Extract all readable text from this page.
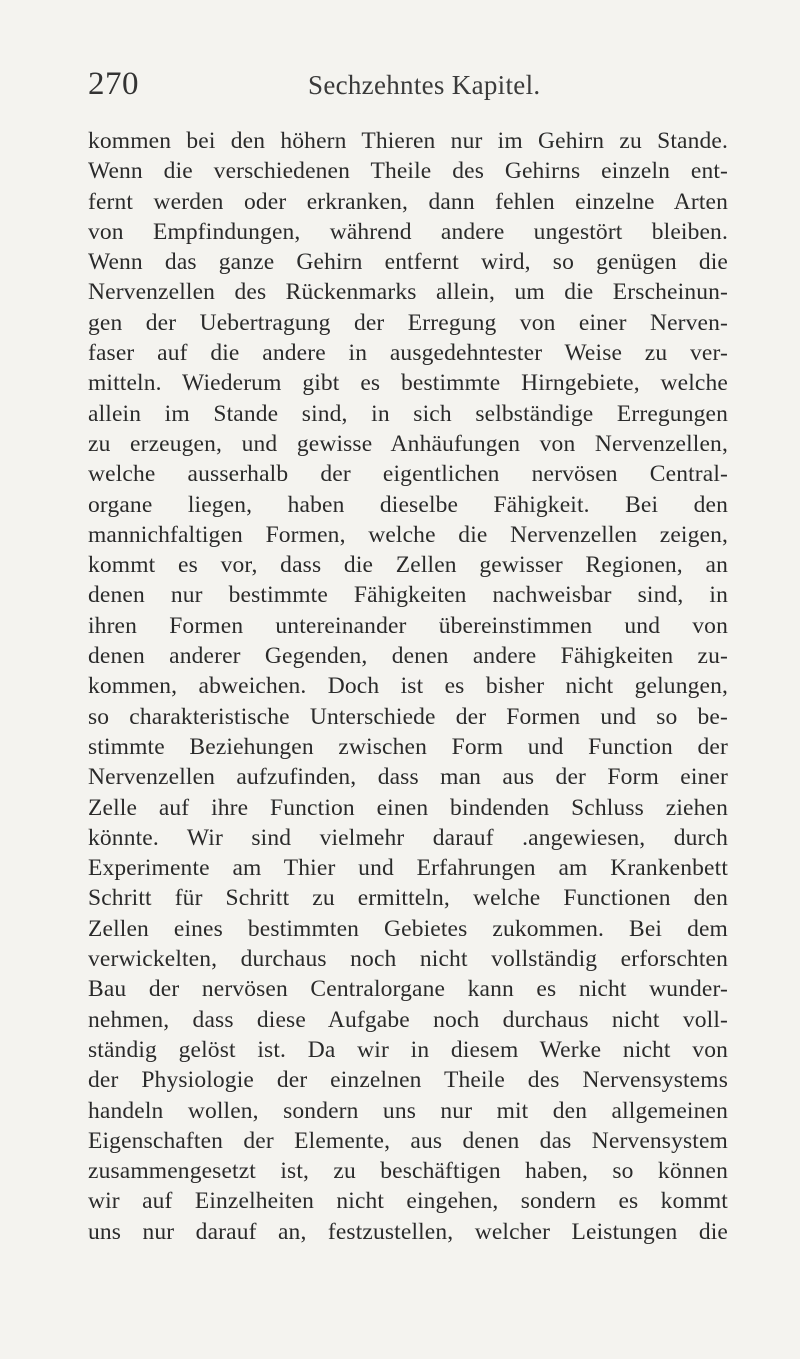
270	Sechzehntes Kapitel.
kommen bei den höhern Thieren nur im Gehirn zu Stande.
Wenn die verschiedenen Theile des Gehirns einzeln ent-
fernt werden oder erkranken, dann fehlen einzelne Arten
von Empfindungen, während andere ungestört bleiben.
Wenn das ganze Gehirn entfernt wird, so genügen die
Nervenzellen des Rückenmarks allein, um die Erscheinun-
gen der Uebertragung der Erregung von einer Nerven-
faser auf die andere in ausgedehntester Weise zu ver-
mitteln. Wiederum gibt es bestimmte Hirngebiete, welche
allein im Stande sind, in sich selbständige Erregungen
zu erzeugen, und gewisse Anhäufungen von Nervenzellen,
welche ausserhalb der eigentlichen nervösen Central-
organe liegen, haben dieselbe Fähigkeit. Bei den
mannichfaltigen Formen, welche die Nervenzellen zeigen,
kommt es vor, dass die Zellen gewisser Regionen, an
denen nur bestimmte Fähigkeiten nachweisbar sind, in
ihren Formen untereinander übereinstimmen und von
denen anderer Gegenden, denen andere Fähigkeiten zu-
kommen, abweichen. Doch ist es bisher nicht gelungen,
so charakteristische Unterschiede der Formen und so be-
stimmte Beziehungen zwischen Form und Function der
Nervenzellen aufzufinden, dass man aus der Form einer
Zelle auf ihre Function einen bindenden Schluss ziehen
könnte. Wir sind vielmehr darauf .angewiesen, durch
Experimente am Thier und Erfahrungen am Krankenbett
Schritt für Schritt zu ermitteln, welche Functionen den
Zellen eines bestimmten Gebietes zukommen. Bei dem
verwickelten, durchaus noch nicht vollständig erforschten
Bau der nervösen Centralorgane kann es nicht wunder-
nehmen, dass diese Aufgabe noch durchaus nicht voll-
ständig gelöst ist. Da wir in diesem Werke nicht von
der Physiologie der einzelnen Theile des Nervensystems
handeln wollen, sondern uns nur mit den allgemeinen
Eigenschaften der Elemente, aus denen das Nervensystem
zusammengesetzt ist, zu beschäftigen haben, so können
wir auf Einzelheiten nicht eingehen, sondern es kommt
uns nur darauf an, festzustellen, welcher Leistungen die
